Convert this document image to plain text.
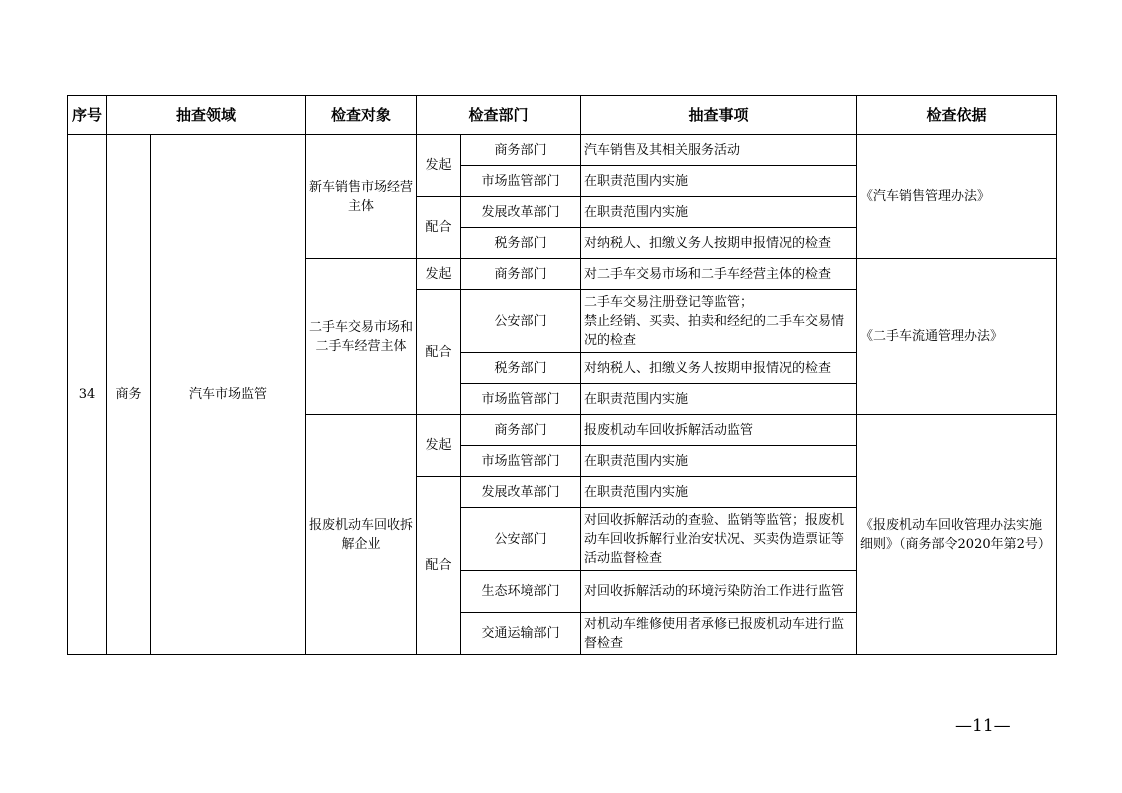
序号	抽查领域		检查对象	检查部门		抽查事项	检查依据
34	商务	汽车市场监管	新车销售市场经营主体	发起	商务部门	汽车销售及其相关服务活动	《汽车销售管理办法》
					市场监管部门	在职责范围内实施	
				配合	发展改革部门	在职责范围内实施	
					税务部门	对纳税人、扣缴义务人按期申报情况的检查	
			二手车交易市场和二手车经营主体	发起	商务部门	对二手车交易市场和二手车经营主体的检查	《二手车流通管理办法》
				配合	公安部门	二手车交易注册登记等监管；
禁止经销、买卖、拍卖和经纪的二手车交易情况的检查	

					税务部门	对纳税人、扣缴义务人按期申报情况的检查	
					市场监管部门	在职责范围内实施	
			报废机动车回收拆解企业	发起	商务部门	报废机动车回收拆解活动监管	《报废机动车回收管理办法实施细则》（商务部令2020年第2号）
					市场监管部门	在职责范围内实施	
				配合	发展改革部门	在职责范围内实施	
					公安部门	对回收拆解活动的查验、监销等监管；报废机动车回收拆解行业治安状况、买卖伪造票证等活动监督检查	
					生态环境部门	对回收拆解活动的环境污染防治工作进行监管	
					交通运输部门	对机动车维修使用者承修已报废机动车进行监督检查	
—11—
